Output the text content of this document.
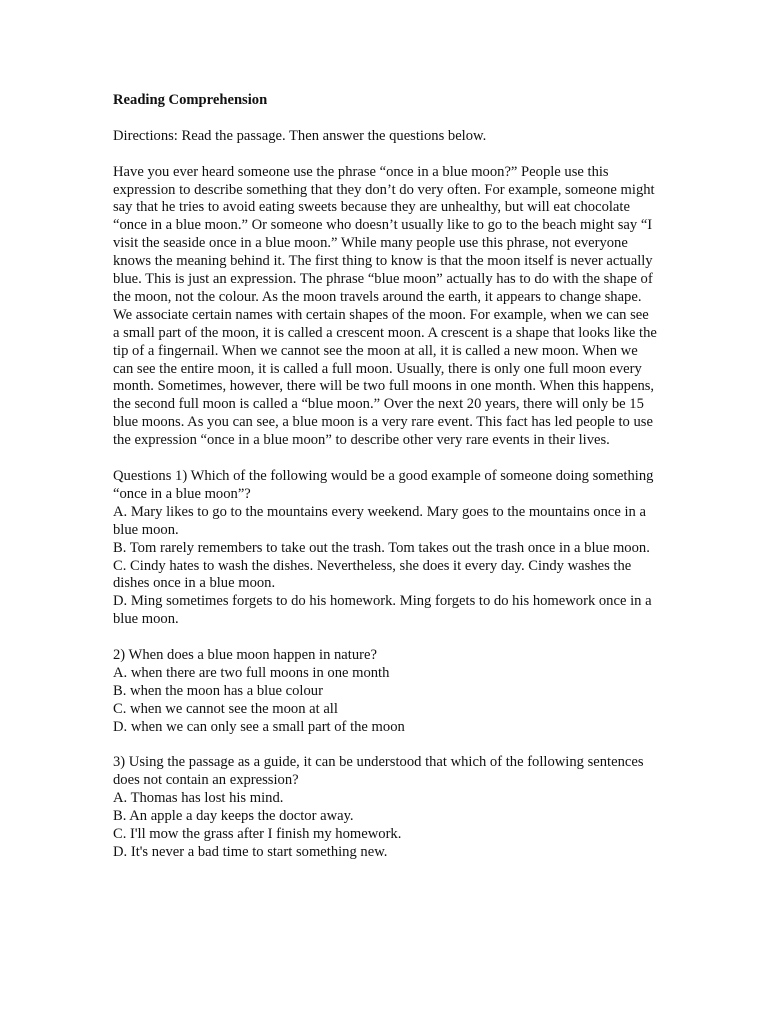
Reading Comprehension
Directions: Read the passage. Then answer the questions below.
Have you ever heard someone use the phrase “once in a blue moon?” People use this expression to describe something that they don’t do very often. For example, someone might say that he tries to avoid eating sweets because they are unhealthy, but will eat chocolate “once in a blue moon.” Or someone who doesn’t usually like to go to the beach might say “I visit the seaside once in a blue moon.” While many people use this phrase, not everyone knows the meaning behind it. The first thing to know is that the moon itself is never actually blue. This is just an expression. The phrase “blue moon” actually has to do with the shape of the moon, not the colour. As the moon travels around the earth, it appears to change shape. We associate certain names with certain shapes of the moon. For example, when we can see a small part of the moon, it is called a crescent moon. A crescent is a shape that looks like the tip of a fingernail. When we cannot see the moon at all, it is called a new moon. When we can see the entire moon, it is called a full moon. Usually, there is only one full moon every month. Sometimes, however, there will be two full moons in one month. When this happens, the second full moon is called a “blue moon.” Over the next 20 years, there will only be 15 blue moons. As you can see, a blue moon is a very rare event. This fact has led people to use the expression “once in a blue moon” to describe other very rare events in their lives.
Questions 1) Which of the following would be a good example of someone doing something “once in a blue moon”?
A. Mary likes to go to the mountains every weekend. Mary goes to the mountains once in a blue moon.
B. Tom rarely remembers to take out the trash. Tom takes out the trash once in a blue moon.
C. Cindy hates to wash the dishes. Nevertheless, she does it every day. Cindy washes the dishes once in a blue moon.
D. Ming sometimes forgets to do his homework. Ming forgets to do his homework once in a blue moon.
2) When does a blue moon happen in nature?
A. when there are two full moons in one month
B. when the moon has a blue colour
C. when we cannot see the moon at all
D. when we can only see a small part of the moon
3) Using the passage as a guide, it can be understood that which of the following sentences does not contain an expression?
A. Thomas has lost his mind.
B. An apple a day keeps the doctor away.
C. I'll mow the grass after I finish my homework.
D. It's never a bad time to start something new.
